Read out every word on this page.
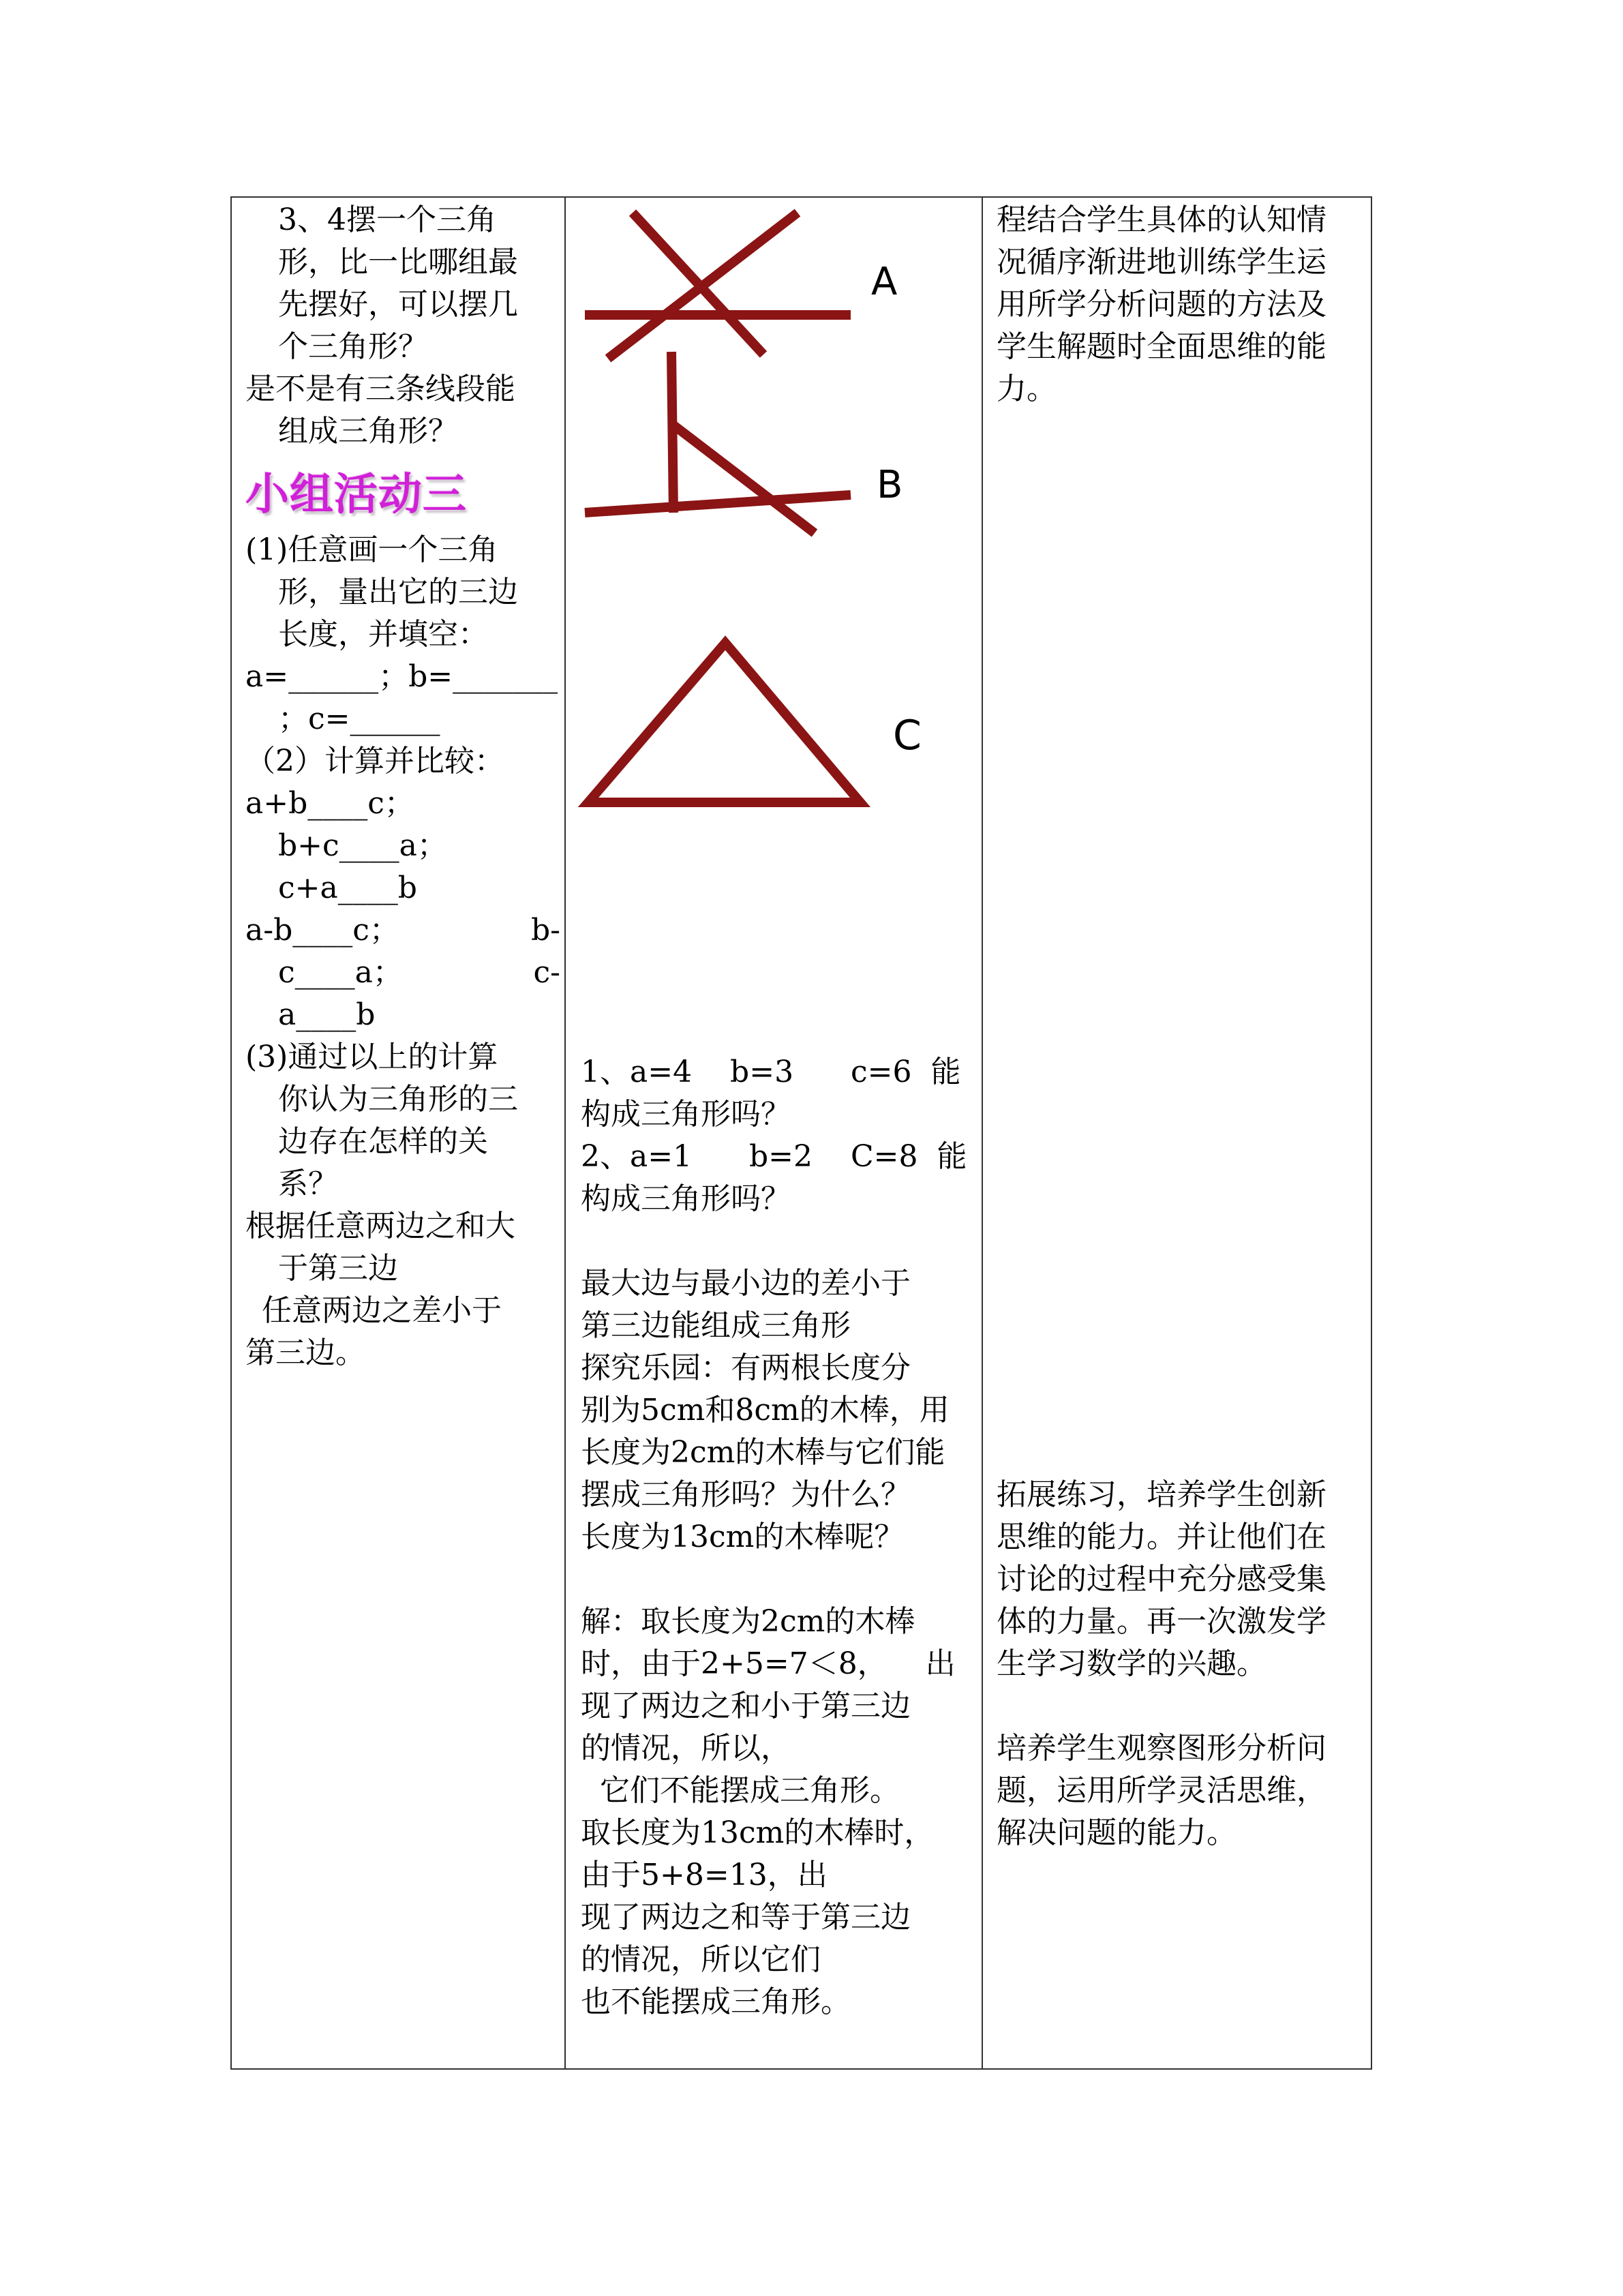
3、4摆一个三角
形，比一比哪组最
先摆好，可以摆几
个三角形？
是不是有三条线段能
组成三角形？
小组活动三
(1)任意画一个三角
形，量出它的三边
长度，并填空：
a=______；b=_______
；c=______
（2）计算并比较：
a+b____c；
b+c____a；
c+a____b
a-b____c；	b-
c____a；	c-
a____b
(3)通过以上的计算
你认为三角形的三
边存在怎样的关
系？
根据任意两边之和大
于第三边
任意两边之差小于
第三边。
A
B
1、a=4    b=3      c=6  能
构成三角形吗？
2、a=1      b=2    C=8  能
构成三角形吗？
最大边与最小边的差小于
第三边能组成三角形
探究乐园：有两根长度分
别为5cm和8cm的木棒，用
长度为2cm的木棒与它们能
摆成三角形吗？为什么？
长度为13cm的木棒呢？
解：取长度为2cm的木棒
时，由于2+5=7＜8，    出
现了两边之和小于第三边
的情况，所以，
它们不能摆成三角形。
取长度为13cm的木棒时，
由于5+8=13，出
现了两边之和等于第三边
的情况，所以它们
也不能摆成三角形。
程结合学生具体的认知情
况循序渐进地训练学生运
用所学分析问题的方法及
学生解题时全面思维的能
力。
拓展练习，培养学生创新
思维的能力。并让他们在
讨论的过程中充分感受集
体的力量。再一次激发学
生学习数学的兴趣。
培养学生观察图形分析问
题，运用所学灵活思维，
解决问题的能力。
C
